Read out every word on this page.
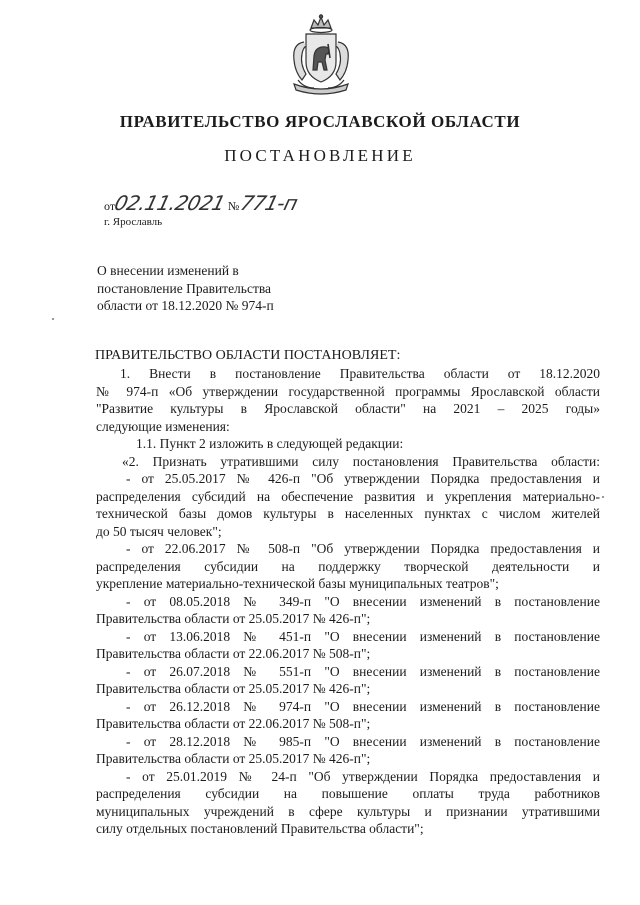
ПРАВИТЕЛЬСТВО ЯРОСЛАВСКОЙ ОБЛАСТИ
ПОСТАНОВЛЕНИЕ
от02.11.2021 №771-п
г. Ярославль
О внесении изменений в
постановление Правительства
области от 18.12.2020 № 974-п
ПРАВИТЕЛЬСТВО ОБЛАСТИ ПОСТАНОВЛЯЕТ:
1. Внести в постановление Правительства области от 18.12.2020
№ 974-п «Об утверждении государственной программы Ярославской области
"Развитие культуры в Ярославской области" на 2021 – 2025 годы»
следующие изменения:
1.1. Пункт 2 изложить в следующей редакции:
«2. Признать утратившими силу постановления Правительства области:
- от 25.05.2017 № 426-п "Об утверждении Порядка предоставления и
распределения субсидий на обеспечение развития и укрепления материально-
технической базы домов культуры в населенных пунктах с числом жителей
до 50 тысяч человек";
- от 22.06.2017 № 508-п "Об утверждении Порядка предоставления и
распределения субсидии на поддержку творческой деятельности и
укрепление материально-технической базы муниципальных театров";
- от 08.05.2018 № 349-п "О внесении изменений в постановление
Правительства области от 25.05.2017 № 426-п";
- от 13.06.2018 № 451-п "О внесении изменений в постановление
Правительства области от 22.06.2017 № 508-п";
- от 26.07.2018 № 551-п "О внесении изменений в постановление
Правительства области от 25.05.2017 № 426-п";
- от 26.12.2018 № 974-п "О внесении изменений в постановление
Правительства области от 22.06.2017 № 508-п";
- от 28.12.2018 № 985-п "О внесении изменений в постановление
Правительства области от 25.05.2017 № 426-п";
- от 25.01.2019 № 24-п "Об утверждении Порядка предоставления и
распределения субсидии на повышение оплаты труда работников
муниципальных учреждений в сфере культуры и признании утратившими
силу отдельных постановлений Правительства области";
